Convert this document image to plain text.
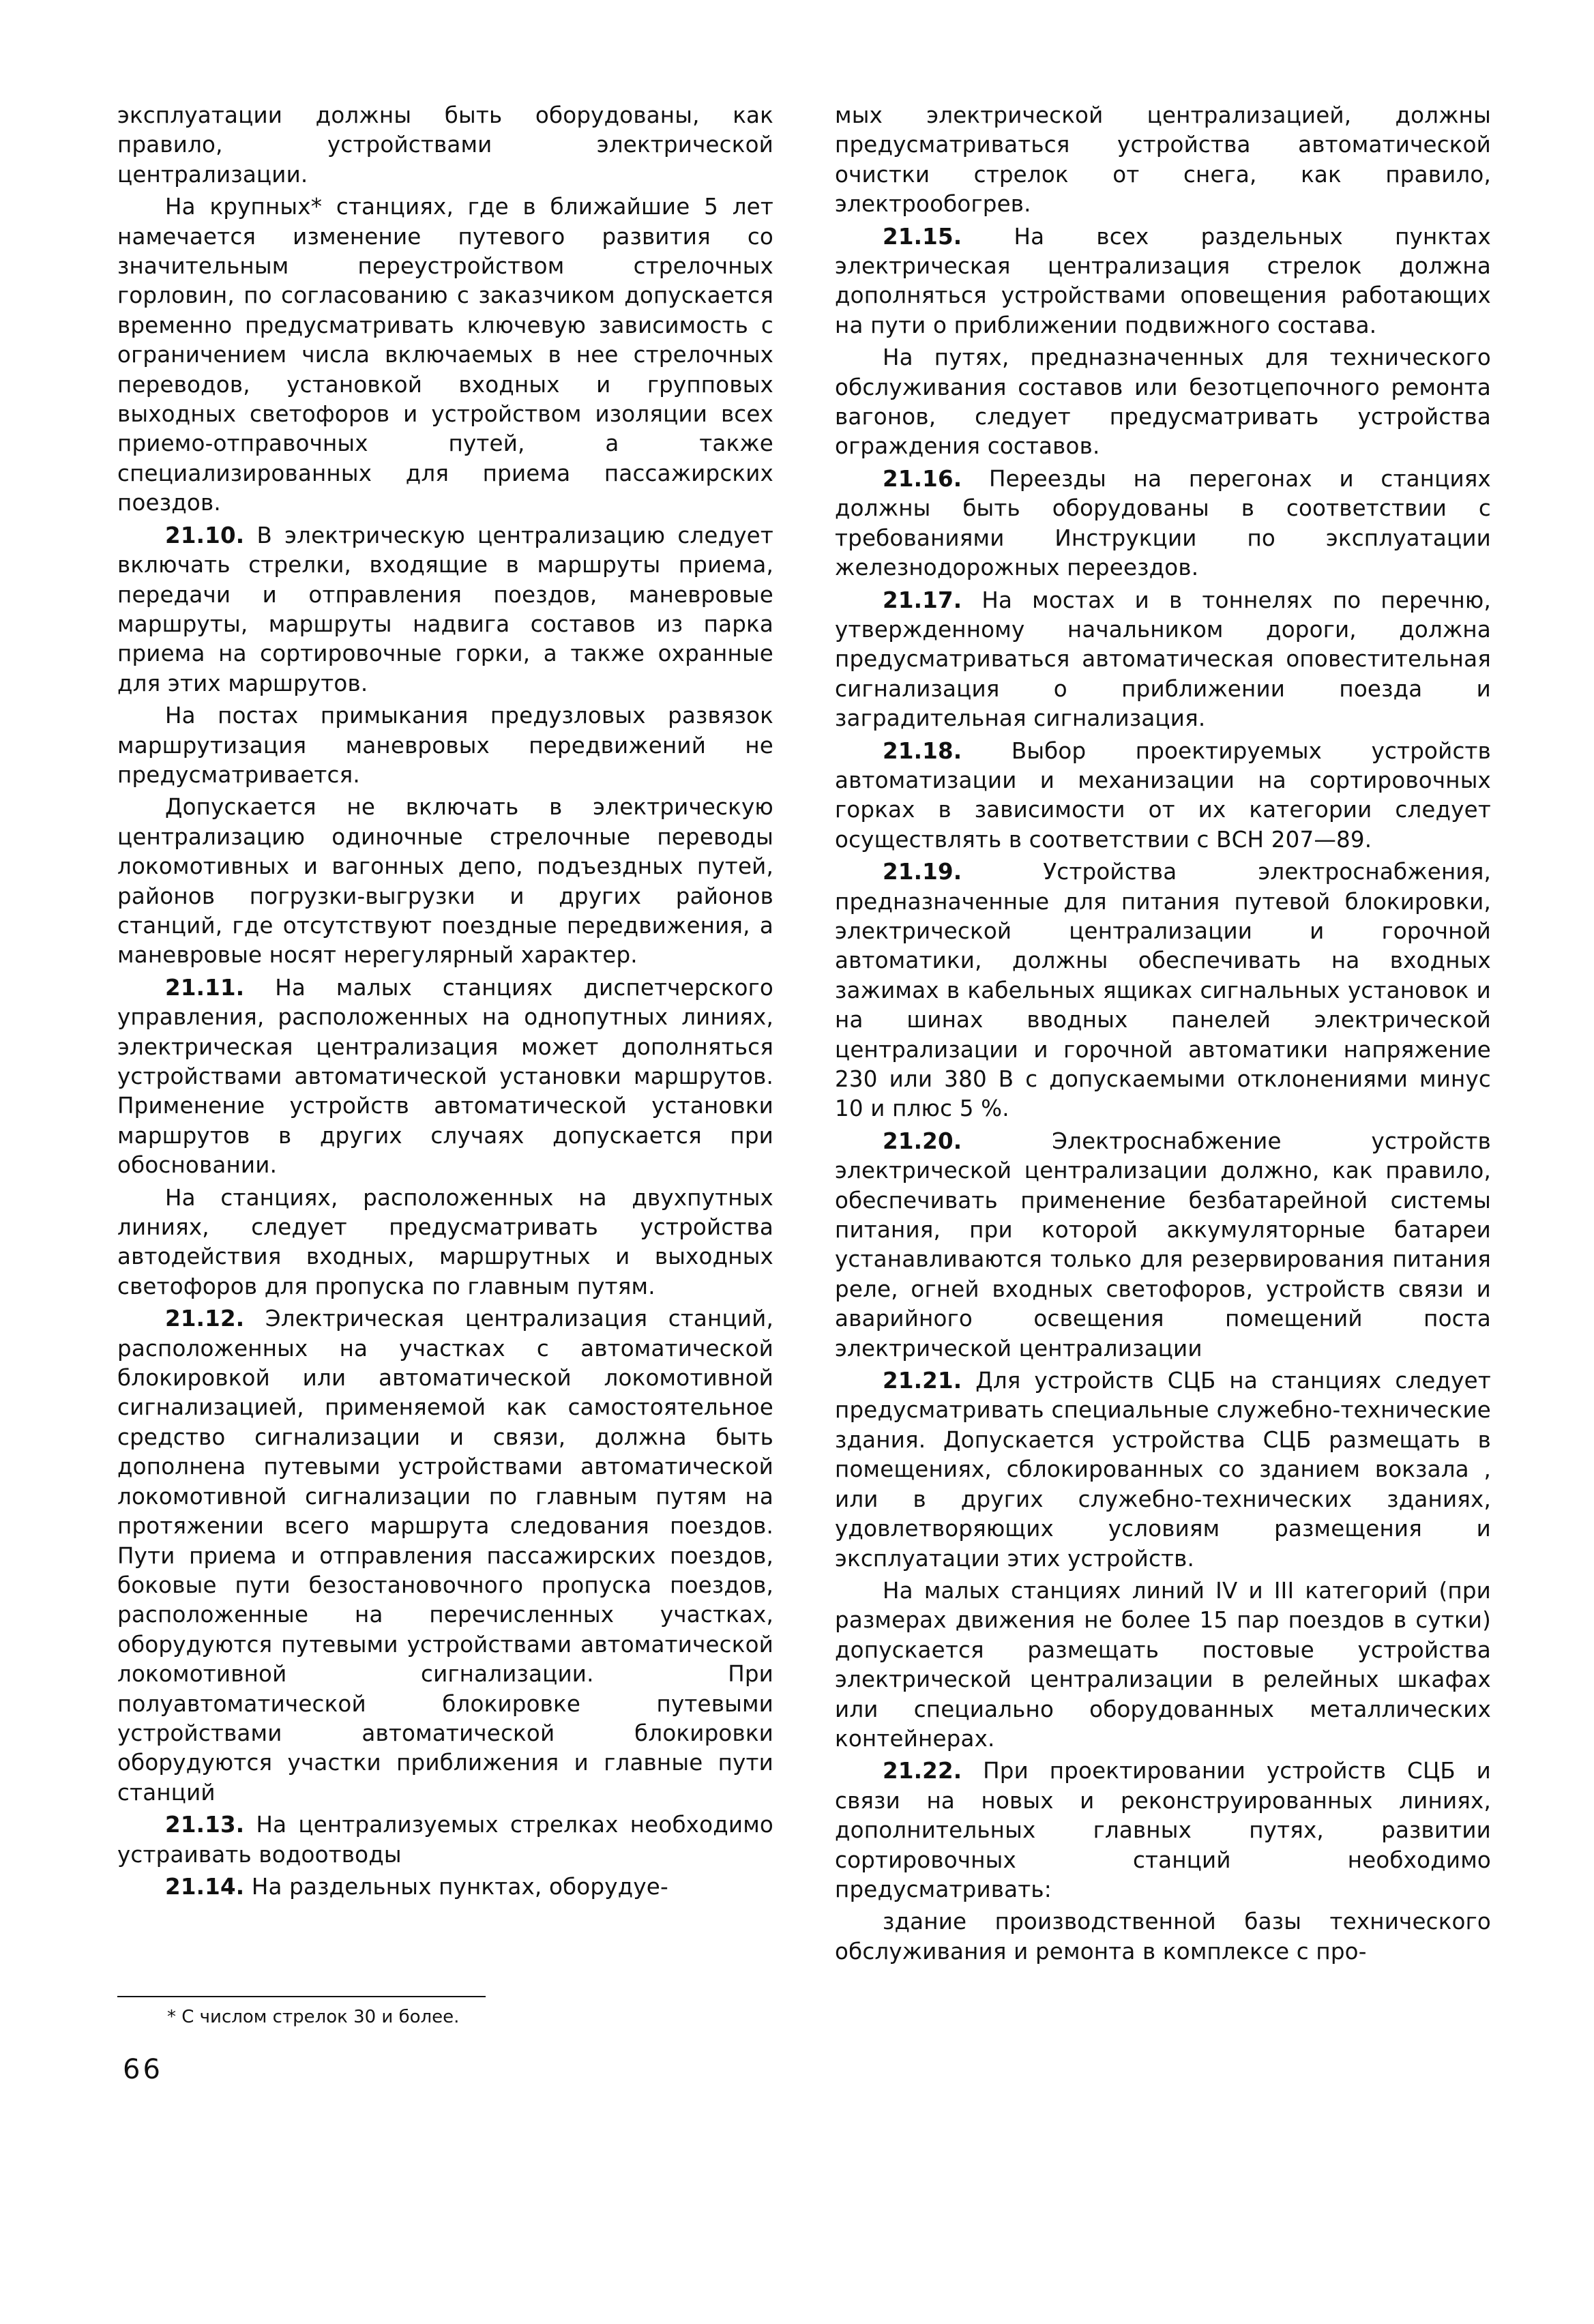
эксплуатации должны быть оборудованы, как правило, устройствами электрической централизации.

На крупных* станциях, где в ближайшие 5 лет намечается изменение путевого развития со значительным переустройством стрелочных горловин, по согласованию с заказчиком допускается временно предусматривать ключевую зависимость с ограничением числа включаемых в нее стрелочных переводов, установкой входных и групповых выходных светофоров и устройством изоляции всех приемо-отправочных путей, а также специализированных для приема пассажирских поездов.

21.10. В электрическую централизацию следует включать стрелки, входящие в маршруты приема, передачи и отправления поездов, маневровые маршруты, маршруты надвига составов из парка приема на сортировочные горки, а также охранные для этих маршрутов.

На постах примыкания предузловых развязок маршрутизация маневровых передвижений не предусматривается.

Допускается не включать в электрическую централизацию одиночные стрелочные переводы локомотивных и вагонных депо, подъездных путей, районов погрузки-выгрузки и других районов станций, где отсутствуют поездные передвижения, а маневровые носят нерегулярный характер.

21.11. На малых станциях диспетчерского управления, расположенных на однопутных линиях, электрическая централизация может дополняться устройствами автоматической установки маршрутов. Применение устройств автоматической установки маршрутов в других случаях допускается при обосновании.

На станциях, расположенных на двухпутных линиях, следует предусматривать устройства автодействия входных, маршрутных и выходных светофоров для пропуска по главным путям.

21.12. Электрическая централизация станций, расположенных на участках с автоматической блокировкой или автоматической локомотивной сигнализацией, применяемой как самостоятельное средство сигнализации и связи, должна быть дополнена путевыми устройствами автоматической локомотивной сигнализации по главным путям на протяжении всего маршрута следования поездов. Пути приема и отправления пассажирских поездов, боковые пути безостановочного пропуска поездов, расположенные на перечисленных участках, оборудуются путевыми устройствами автоматической локомотивной сигнализации. При полуавтоматической блокировке путевыми устройствами автоматической блокировки оборудуются участки приближения и главные пути станций

21.13. На централизуемых стрелках необходимо устраивать водоотводы

21.14. На раздельных пунктах, оборудуе-

мых электрической централизацией, должны предусматриваться устройства автоматической очистки стрелок от снега, как правило, электрообогрев.

21.15. На всех раздельных пунктах электрическая централизация стрелок должна дополняться устройствами оповещения работающих на пути о приближении подвижного состава.

На путях, предназначенных для технического обслуживания составов или безотцепочного ремонта вагонов, следует предусматривать устройства ограждения составов.

21.16. Переезды на перегонах и станциях должны быть оборудованы в соответствии с требованиями Инструкции по эксплуатации железнодорожных переездов.

21.17. На мостах и в тоннелях по перечню, утвержденному начальником дороги, должна предусматриваться автоматическая оповестительная сигнализация о приближении поезда и заградительная сигнализация.

21.18. Выбор проектируемых устройств автоматизации и механизации на сортировочных горках в зависимости от их категории следует осуществлять в соответствии с ВСН 207—89.

21.19. Устройства электроснабжения, предназначенные для питания путевой блокировки, электрической централизации и горочной автоматики, должны обеспечивать на входных зажимах в кабельных ящиках сигнальных установок и на шинах вводных панелей электрической централизации и горочной автоматики напряжение 230 или 380 В с допускаемыми отклонениями минус 10 и плюс 5 %.

21.20. Электроснабжение устройств электрической централизации должно, как правило, обеспечивать применение безбатарейной системы питания, при которой аккумуляторные батареи устанавливаются только для резервирования питания реле, огней входных светофоров, устройств связи и аварийного освещения помещений поста электрической централизации

21.21. Для устройств СЦБ на станциях следует предусматривать специальные служебно-технические здания. Допускается устройства СЦБ размещать в помещениях, сблокированных со зданием вокзала , или в других служебно-технических зданиях, удовлетворяющих условиям размещения и эксплуатации этих устройств.

На малых станциях линий IV и III категорий (при размерах движения не более 15 пар поездов в сутки) допускается размещать постовые устройства электрической централизации в релейных шкафах или специально оборудованных металлических контейнерах.

21.22. При проектировании устройств СЦБ и связи на новых и реконструированных линиях, дополнительных главных путях, развитии сортировочных станций необходимо предусматривать:

здание производственной базы технического обслуживания и ремонта в комплексе с про-

* С числом стрелок 30 и более.
66
